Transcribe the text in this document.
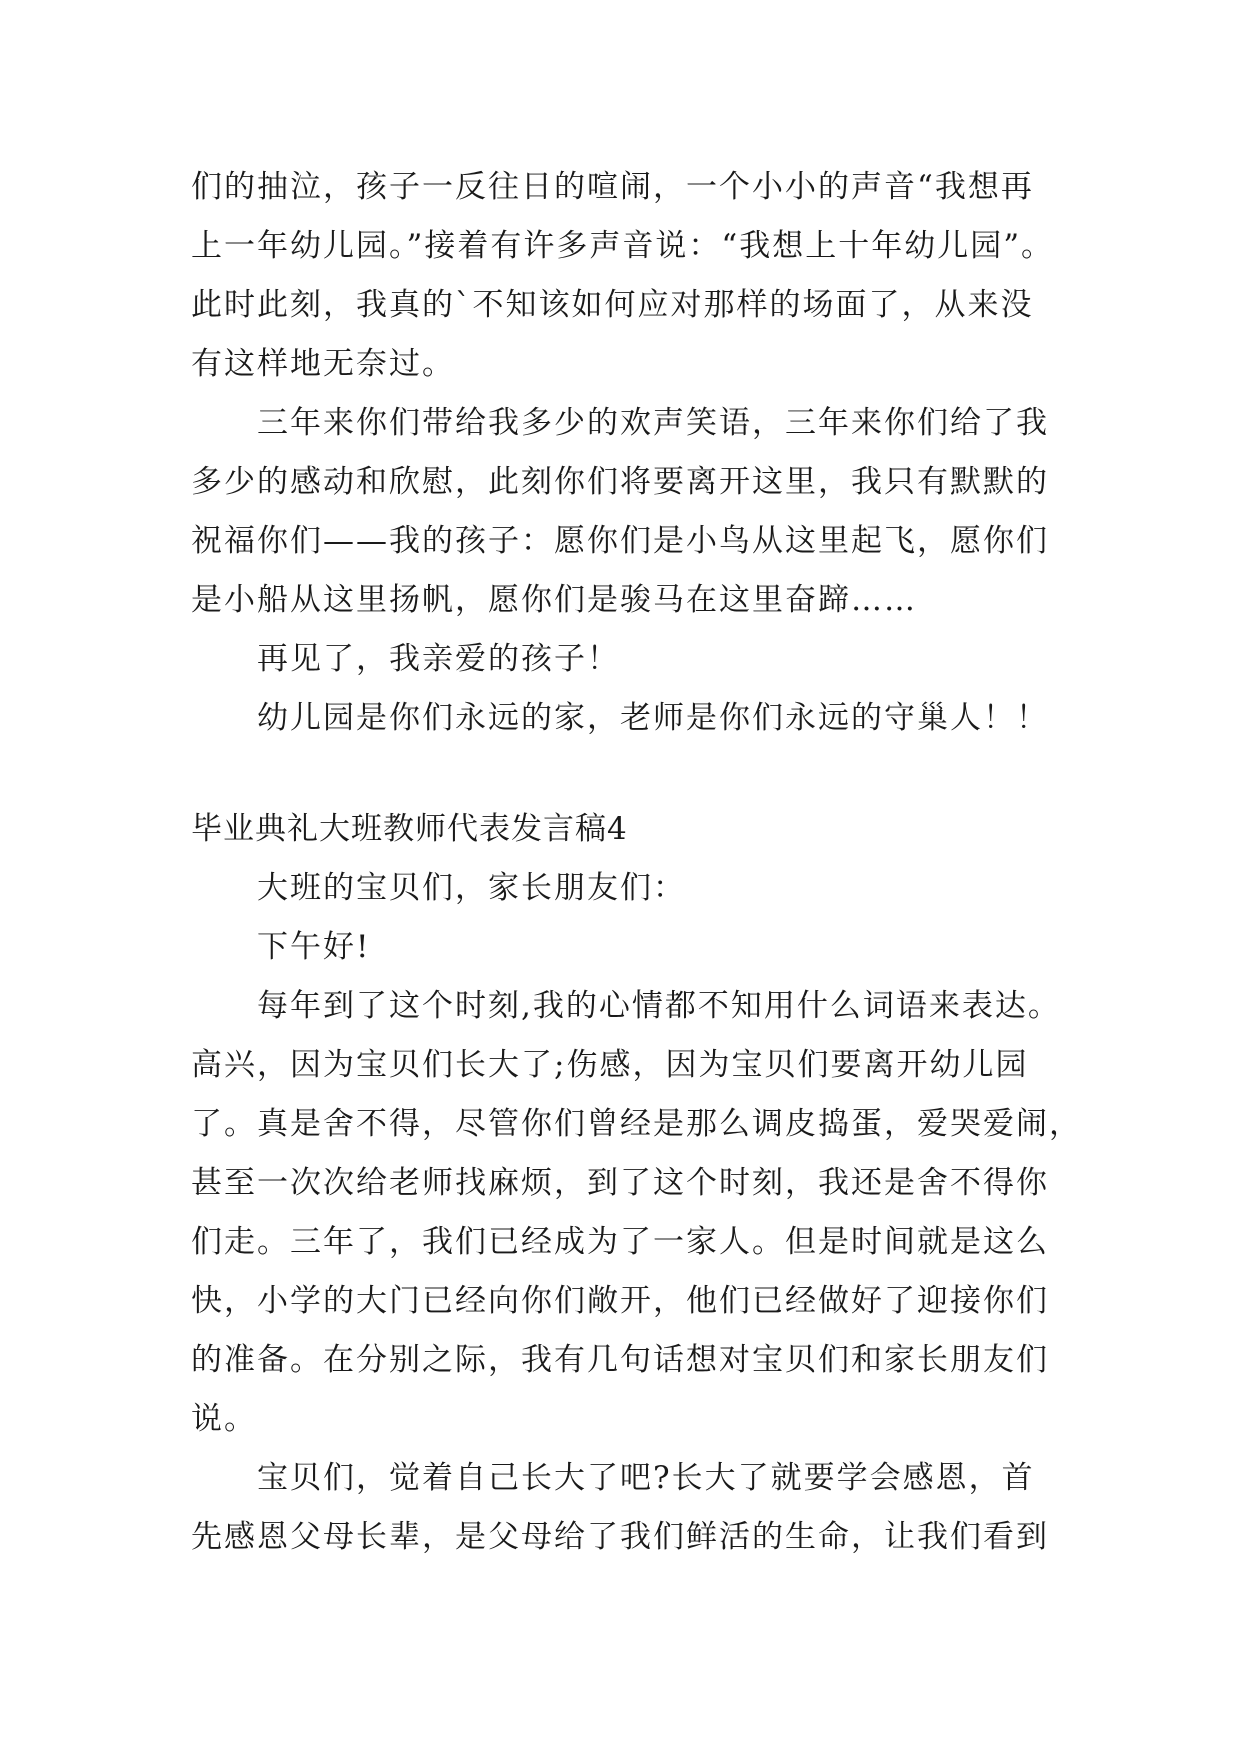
们的抽泣，孩子一反往日的喧闹，一个小小的声音“我想再
上一年幼儿园。”接着有许多声音说：“我想上十年幼儿园”。
此时此刻，我真的`不知该如何应对那样的场面了，从来没
有这样地无奈过。
三年来你们带给我多少的欢声笑语，三年来你们给了我
多少的感动和欣慰，此刻你们将要离开这里，我只有默默的
祝福你们——我的孩子：愿你们是小鸟从这里起飞，愿你们
是小船从这里扬帆，愿你们是骏马在这里奋蹄……
再见了，我亲爱的孩子！
幼儿园是你们永远的家，老师是你们永远的守巢人！！
毕业典礼大班教师代表发言稿4
大班的宝贝们，家长朋友们：
下午好!
每年到了这个时刻,我的心情都不知用什么词语来表达。
高兴，因为宝贝们长大了;伤感，因为宝贝们要离开幼儿园
了。真是舍不得，尽管你们曾经是那么调皮捣蛋，爱哭爱闹，
甚至一次次给老师找麻烦，到了这个时刻，我还是舍不得你
们走。三年了，我们已经成为了一家人。但是时间就是这么
快，小学的大门已经向你们敞开，他们已经做好了迎接你们
的准备。在分别之际，我有几句话想对宝贝们和家长朋友们
说。
宝贝们，觉着自己长大了吧?长大了就要学会感恩，首
先感恩父母长辈，是父母给了我们鲜活的生命，让我们看到
